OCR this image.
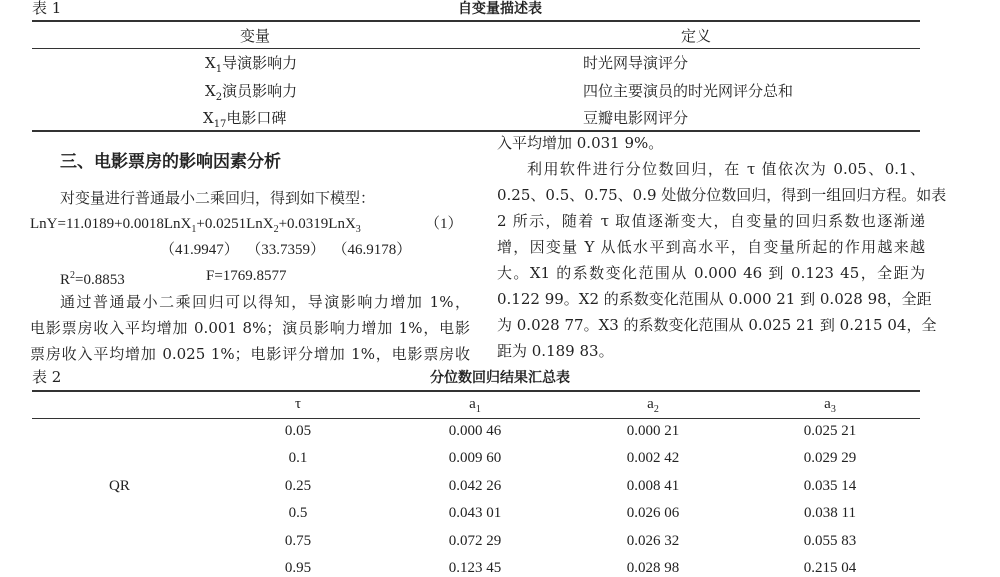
表 1	自变量描述表
变量	定义
$X_1$导演影响力	时光网导演评分
$X_2$演员影响力	四位主要演员的时光网评分总和
$X_{17}$电影口碑	豆瓣电影网评分
三、电影票房的影响因素分析
对变量进行普通最小二乘回归，得到如下模型：
LnY=11.0189+0.0018LnX$_1$+0.0251LnX$_2$+0.0319LnX$_3$	（1）
（41.9947）  （33.7359）  （46.9178）
$R^2=0.8853$	F=1769.8577
通过普通最小二乘回归可以得知，导演影响力增加 1%，
电影票房收入平均增加 0.001 8%；演员影响力增加 1%，电影
票房收入平均增加 0.025 1%；电影评分增加 1%，电影票房收
入平均增加 0.031 9%。
利用软件进行分位数回归，在 τ 值依次为 0.05、0.1、
0.25、0.5、0.75、0.9 处做分位数回归，得到一组回归方程。如表
2 所示，随着 τ 取值逐渐变大，自变量的回归系数也逐渐递
增，因变量 Y 从低水平到高水平，自变量所起的作用越来越
大。X1 的系数变化范围从 0.000 46 到 0.123 45，全距为
0.122 99。X2 的系数变化范围从 0.000 21 到 0.028 98，全距
为 0.028 77。X3 的系数变化范围从 0.025 21 到 0.215 04，全
距为 0.189 83。
表 2	分位数回归结果汇总表
τ	$a_1$	$a_2$	$a_3$
QR
0.05	0.000 46	0.000 21	0.025 21
0.1	0.009 60	0.002 42	0.029 29
0.25	0.042 26	0.008 41	0.035 14
0.5	0.043 01	0.026 06	0.038 11
0.75	0.072 29	0.026 32	0.055 83
0.95	0.123 45	0.028 98	0.215 04
